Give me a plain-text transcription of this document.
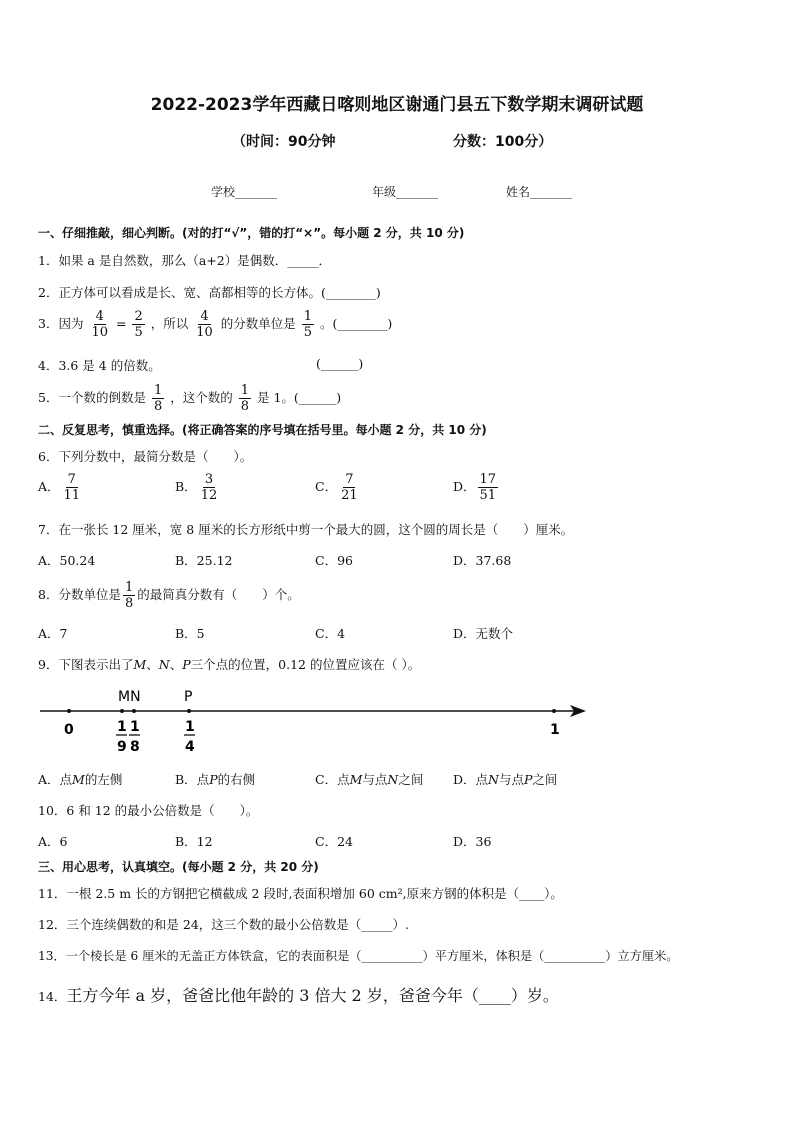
2022-2023学年西藏日喀则地区谢通门县五下数学期末调研试题
（时间：90分钟	分数：100分）
学校_______	年级_______	姓名_______
一、仔细推敲，细心判断。(对的打“√”，错的打“×”。每小题 2 分，共 10 分)
1．如果 a 是自然数，那么（a+2）是偶数．_____．
2．正方体可以看成是长、宽、高都相等的长方体。(________)
3．因为 $\frac{4}{10} = \frac{2}{5}$ ，所以 $\frac{4}{10}$ 的分数单位是 $\frac{1}{5}$ 。(________)
4．3.6 是 4 的倍数。	(______)
5．一个数的倒数是 $\frac{1}{8}$ ，这个数的 $\frac{1}{8}$ 是 1。(______)
二、反复思考，慎重选择。(将正确答案的序号填在括号里。每小题 2 分，共 10 分)
6．下列分数中，最简分数是（　　）。
A． $\frac{7}{11}$	B． $\frac{3}{12}$	C． $\frac{7}{21}$	D． $\frac{17}{51}$
7．在一张长 12 厘米，宽 8 厘米的长方形纸中剪一个最大的圆，这个圆的周长是（　　）厘米。
A．50.24	B．25.12	C．96	D．37.68
8．分数单位是 $\frac{1}{8}$ 的最简真分数有（　　）个。
A．7	B．5	C．4	D．无数个
9．下图表示出了M、N、P三个点的位置，0.12 的位置应该在（ ）。
MN	P
0	1
1
9
1
8
1
4
A．点M的左侧	B．点P的右侧	C．点M与点N之间 D．点N与点P之间
10．6 和 12 的最小公倍数是（　　）。
A．6	B．12	C．24	D．36
三、用心思考，认真填空。(每小题 2 分，共 20 分)
11．一根 2.5 m 长的方钢把它横截成 2 段时,表面积增加 60 cm²,原来方钢的体积是（____）。
12．三个连续偶数的和是 24，这三个数的最小公倍数是（_____）.
13．一个棱长是 6 厘米的无盖正方体铁盒，它的表面积是（__________）平方厘米，体积是（__________）立方厘米。
14．王方今年 a 岁，爸爸比他年龄的 3 倍大 2 岁，爸爸今年（____）岁。
